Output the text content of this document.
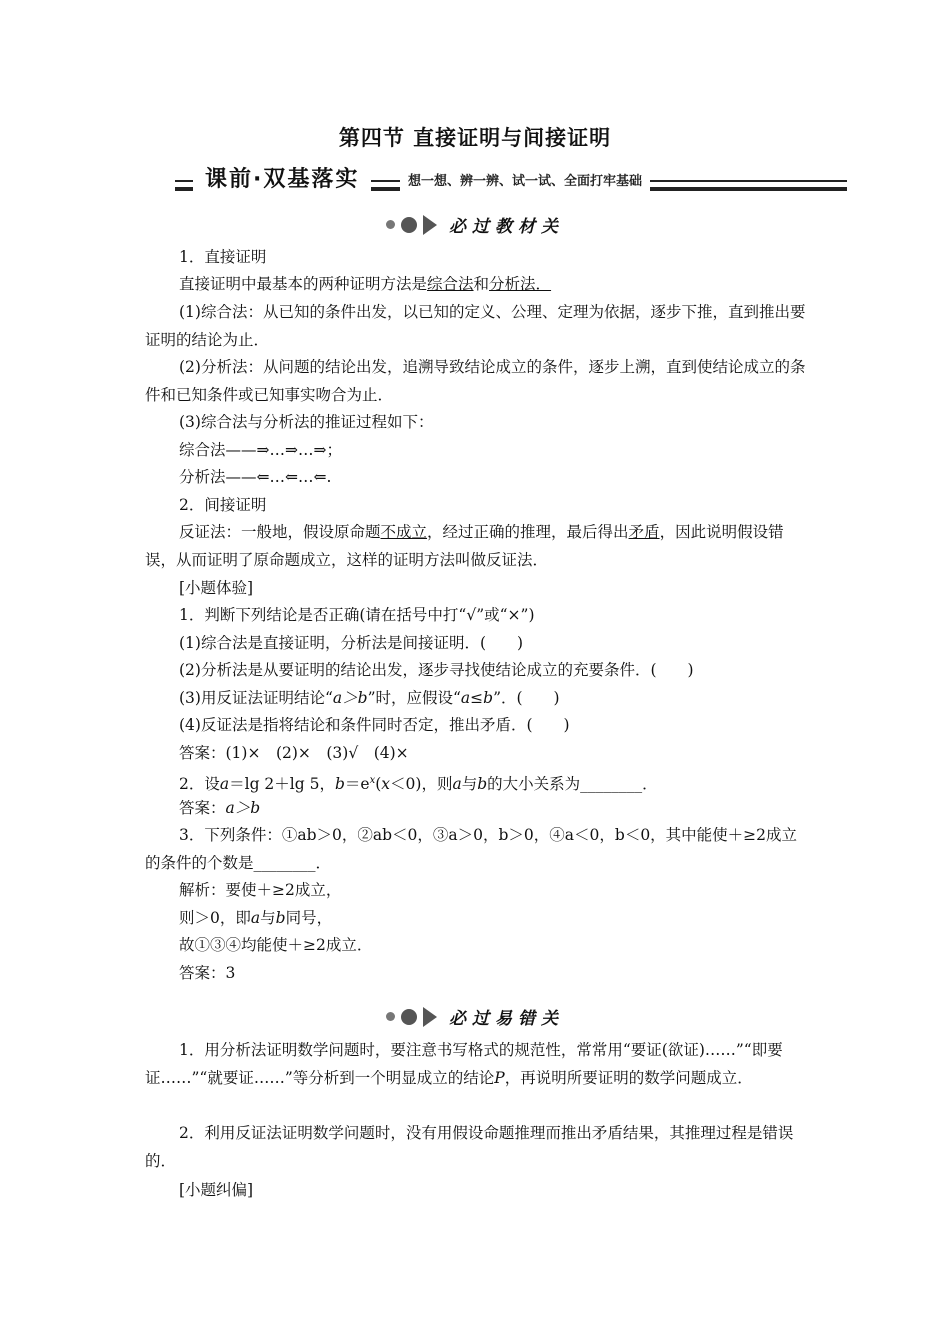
第四节 直接证明与间接证明
课前·双基落实	想一想、辨一辨、试一试、全面打牢基础
必过教材关
1．直接证明
直接证明中最基本的两种证明方法是综合法和分析法．
(1)综合法：从已知的条件出发，以已知的定义、公理、定理为依据，逐步下推，直到推出要证明的结论为止．
(2)分析法：从问题的结论出发，追溯导致结论成立的条件，逐步上溯，直到使结论成立的条件和已知条件或已知事实吻合为止．
(3)综合法与分析法的推证过程如下：
综合法——⇒…⇒…⇒；
分析法——⇐…⇐…⇐.
2．间接证明
反证法：一般地，假设原命题不成立，经过正确的推理，最后得出矛盾，因此说明假设错误，从而证明了原命题成立，这样的证明方法叫做反证法．
[小题体验]
1．判断下列结论是否正确(请在括号中打“√”或“×”)
(1)综合法是直接证明，分析法是间接证明．(　　)
(2)分析法是从要证明的结论出发，逐步寻找使结论成立的充要条件．(　　)
(3)用反证法证明结论“a＞b”时，应假设“a≤b”．(　　)
(4)反证法是指将结论和条件同时否定，推出矛盾．(　　)
答案：(1)×　(2)×　(3)√　(4)×
2．设a＝lg 2＋lg 5，$b=e^x(x<0)$，则a与b的大小关系为________．
答案：a＞b
3．下列条件：①ab＞0，②ab＜0，③a＞0，b＞0，④a＜0，b＜0，其中能使＋≥2成立的条件的个数是________．
解析：要使＋≥2成立，
则＞0，即a与b同号，
故①③④均能使＋≥2成立．
答案：3
必过易错关
1．用分析法证明数学问题时，要注意书写格式的规范性，常常用“要证(欲证)……”“即要证……”“就要证……”等分析到一个明显成立的结论P，再说明所要证明的数学问题成立．
2．利用反证法证明数学问题时，没有用假设命题推理而推出矛盾结果，其推理过程是错误的．
[小题纠偏]
